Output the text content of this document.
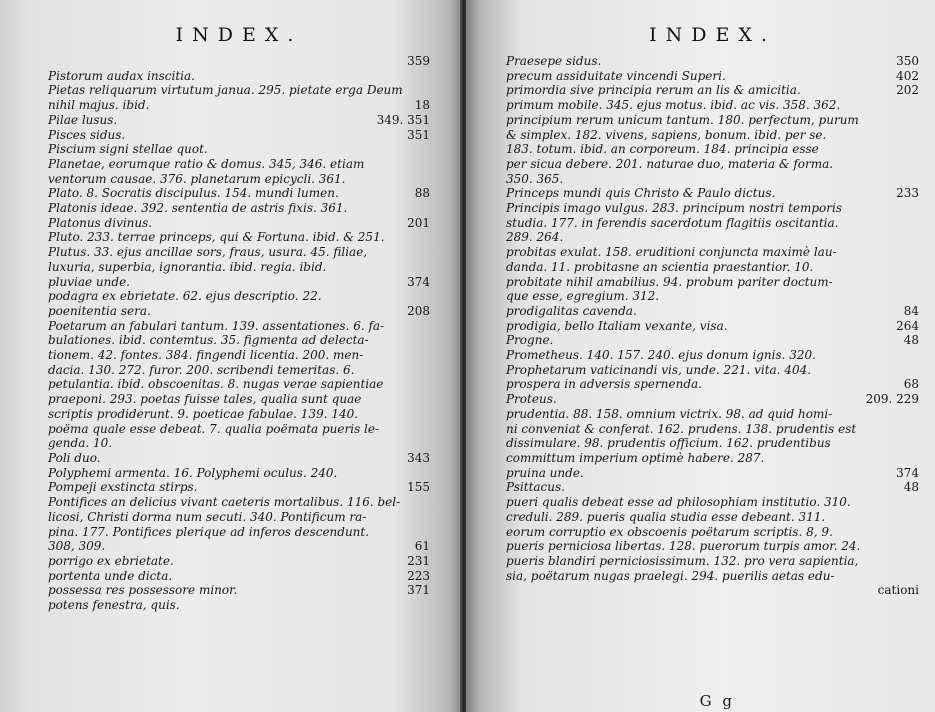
INDEX.
359
Pistorum audax inscitia.
Pietas reliquarum virtutum janua. 295. pietate erga Deum
nihil majus. ibid.	18
Pilae lusus.	349. 351
Pisces sidus.	351
Piscium signi stellae quot.
Planetae, eorumque ratio & domus. 345, 346. etiam
ventorum causae. 376. planetarum epicycli. 361.
Plato. 8. Socratis discipulus. 154. mundi lumen.	88
Platonis ideae. 392. sententia de astris fixis. 361.
Platonus divinus.	201
Pluto. 233. terrae princeps, qui & Fortuna. ibid. & 251.
Plutus. 33. ejus ancillae sors, fraus, usura. 45. filiae,
luxuria, superbia, ignorantia. ibid. regia. ibid.
pluviae unde.	374
podagra ex ebrietate. 62. ejus descriptio. 22.
poenitentia sera.	208
Poetarum an fabulari tantum. 139. assentationes. 6. fa-
bulationes. ibid. contemtus. 35. figmenta ad delecta-
tionem. 42. fontes. 384. fingendi licentia. 200. men-
dacia. 130. 272. furor. 200. scribendi temeritas. 6.
petulantia. ibid. obscoenitas. 8. nugas verae sapientiae
praeponi. 293. poetas fuisse tales, qualia sunt quae
scriptis prodiderunt. 9. poeticae fabulae. 139. 140.
poëma quale esse debeat. 7. qualia poëmata pueris le-
genda. 10.
Poli duo.	343
Polyphemi armenta. 16. Polyphemi oculus. 240.
Pompeji exstincta stirps.	155
Pontifices an delicius vivant caeteris mortalibus. 116. bel-
licosi, Christi dorma num secuti. 340. Pontificum ra-
pina. 177. Pontifices plerique ad inferos descendunt.
308, 309.	61
porrigo ex ebrietate.	231
portenta unde dicta.	223
possessa res possessore minor.	371
potens fenestra, quis.
INDEX.
Praesepe sidus.	350
precum assiduitate vincendi Superi.	402
primordia sive principia rerum an lis & amicitia.	202
primum mobile. 345. ejus motus. ibid. ac vis. 358. 362.
principium rerum unicum tantum. 180. perfectum, purum
& simplex. 182. vivens, sapiens, bonum. ibid. per se.
183. totum. ibid. an corporeum. 184. principia esse
per sicua debere. 201. naturae duo, materia & forma.
350. 365.
Princeps mundi quis Christo & Paulo dictus.	233
Principis imago vulgus. 283. principum nostri temporis
studia. 177. in ferendis sacerdotum flagitiis oscitantia.
289. 264.
probitas exulat. 158. eruditioni conjuncta maximè lau-
danda. 11. probitasne an scientia praestantior. 10.
probitate nihil amabilius. 94. probum pariter doctum-
que esse, egregium. 312.
prodigalitas cavenda.	84
prodigia, bello Italiam vexante, visa.	264
Progne.	48
Prometheus. 140. 157. 240. ejus donum ignis. 320.
Prophetarum vaticinandi vis, unde. 221. vita. 404.
prospera in adversis spernenda.	68
Proteus.	209. 229
prudentia. 88. 158. omnium victrix. 98. ad quid homi-
ni conveniat & conferat. 162. prudens. 138. prudentis est
dissimulare. 98. prudentis officium. 162. prudentibus
committum imperium optimè habere. 287.
pruina unde.	374
Psittacus.	48
pueri qualis debeat esse ad philosophiam institutio. 310.
creduli. 289. pueris qualia studia esse debeant. 311.
eorum corruptio ex obscoenis poëtarum scriptis. 8, 9.
pueris perniciosa libertas. 128. puerorum turpis amor. 24.
pueris blandiri perniciosissimum. 132. pro vera sapientia,
sia, poëtarum nugas praelegi. 294. puerilis aetas edu-
cationi
G g
